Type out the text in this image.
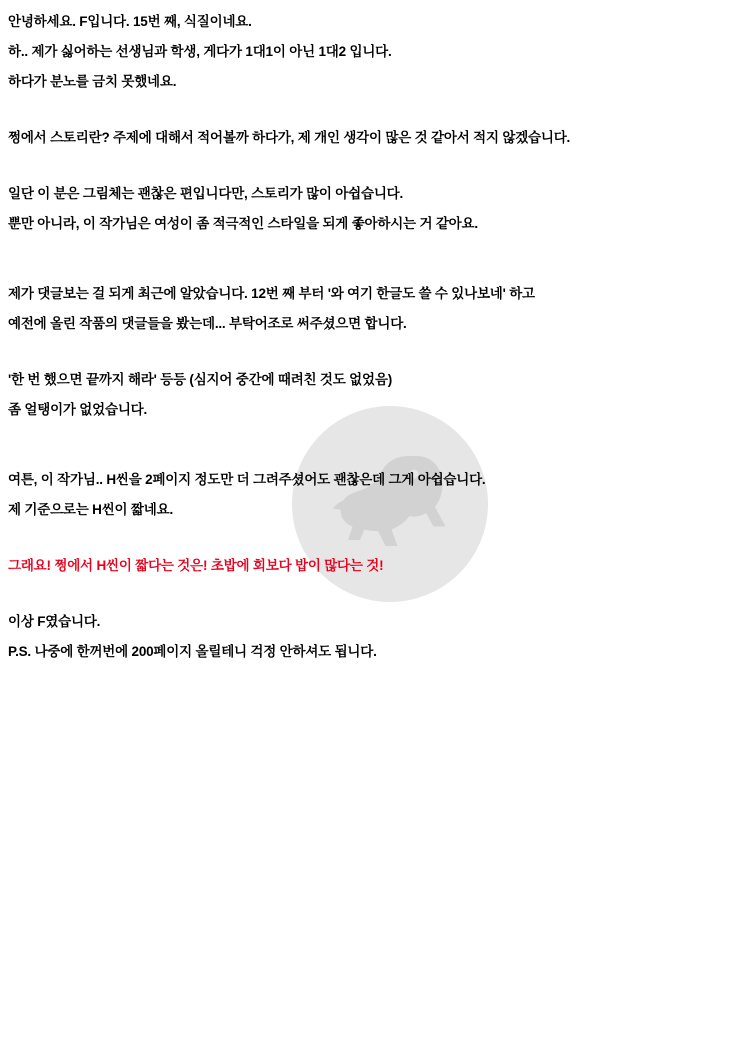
안녕하세요. F입니다. 15번 째, 식질이네요.
하.. 제가 싫어하는 선생님과 학생, 게다가 1대1이 아닌 1대2 입니다.
하다가 분노를 금치 못했네요.
쩡에서 스토리란? 주제에 대해서 적어볼까 하다가, 제 개인 생각이 많은 것 같아서 적지 않겠습니다.
일단 이 분은 그림체는 괜찮은 편입니다만, 스토리가 많이 아쉽습니다.
뿐만 아니라, 이 작가님은 여성이 좀 적극적인 스타일을 되게 좋아하시는 거 같아요.
제가 댓글보는 걸 되게 최근에 알았습니다. 12번 째 부터 '와 여기 한글도 쓸 수 있나보네' 하고
예전에 올린 작품의 댓글들을 봤는데... 부탁어조로 써주셨으면 합니다.
'한 번 했으면 끝까지 해라' 등등 (심지어 중간에 때려친 것도 없었음)
좀 얼탱이가 없었습니다.
여튼, 이 작가님.. H씬을 2페이지 정도만 더 그려주셨어도 괜찮은데 그게 아쉽습니다.
제 기준으로는 H씬이 짧네요.
그래요! 쩡에서 H씬이 짧다는 것은! 초밥에 회보다 밥이 많다는 것!
이상 F였습니다.
P.S. 나중에 한꺼번에 200페이지 올릴테니 걱정 안하셔도 됩니다.
